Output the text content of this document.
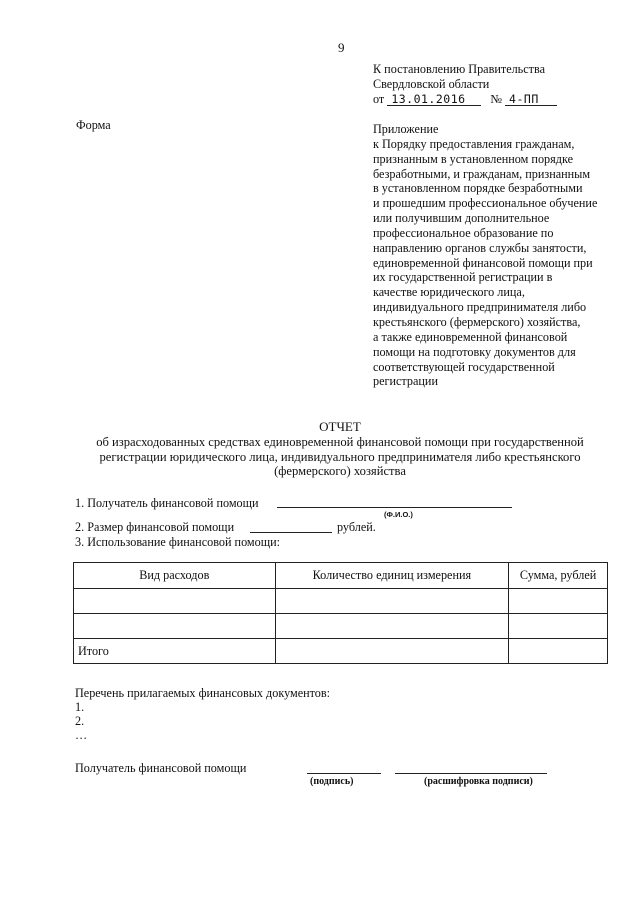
9
К постановлению Правительства
Свердловской области
от 13.01.2016 № 4-ПП
Форма	Приложение
к Порядку предоставления гражданам,
признанным в установленном порядке
безработными, и гражданам, признанным
в установленном порядке безработными
и прошедшим профессиональное обучение
или получившим дополнительное
профессиональное образование по
направлению органов службы занятости,
единовременной финансовой помощи при
их государственной регистрации в
качестве юридического лица,
индивидуального предпринимателя либо
крестьянского (фермерского) хозяйства,
а также единовременной финансовой
помощи на подготовку документов для
соответствующей государственной
регистрации
ОТЧЕТ
об израсходованных средствах единовременной финансовой помощи при государственной
регистрации юридического лица, индивидуального предпринимателя либо крестьянского
(фермерского) хозяйства
1. Получатель финансовой помощи
(Ф.И.О.)
2. Размер финансовой помощи	рублей.
3. Использование финансовой помощи:
Вид расходов	Количество единиц измерения	Сумма, рублей

Итого		
Перечень прилагаемых финансовых документов:
1.
2.
…
Получатель финансовой помощи
(подпись)	(расшифровка подписи)
